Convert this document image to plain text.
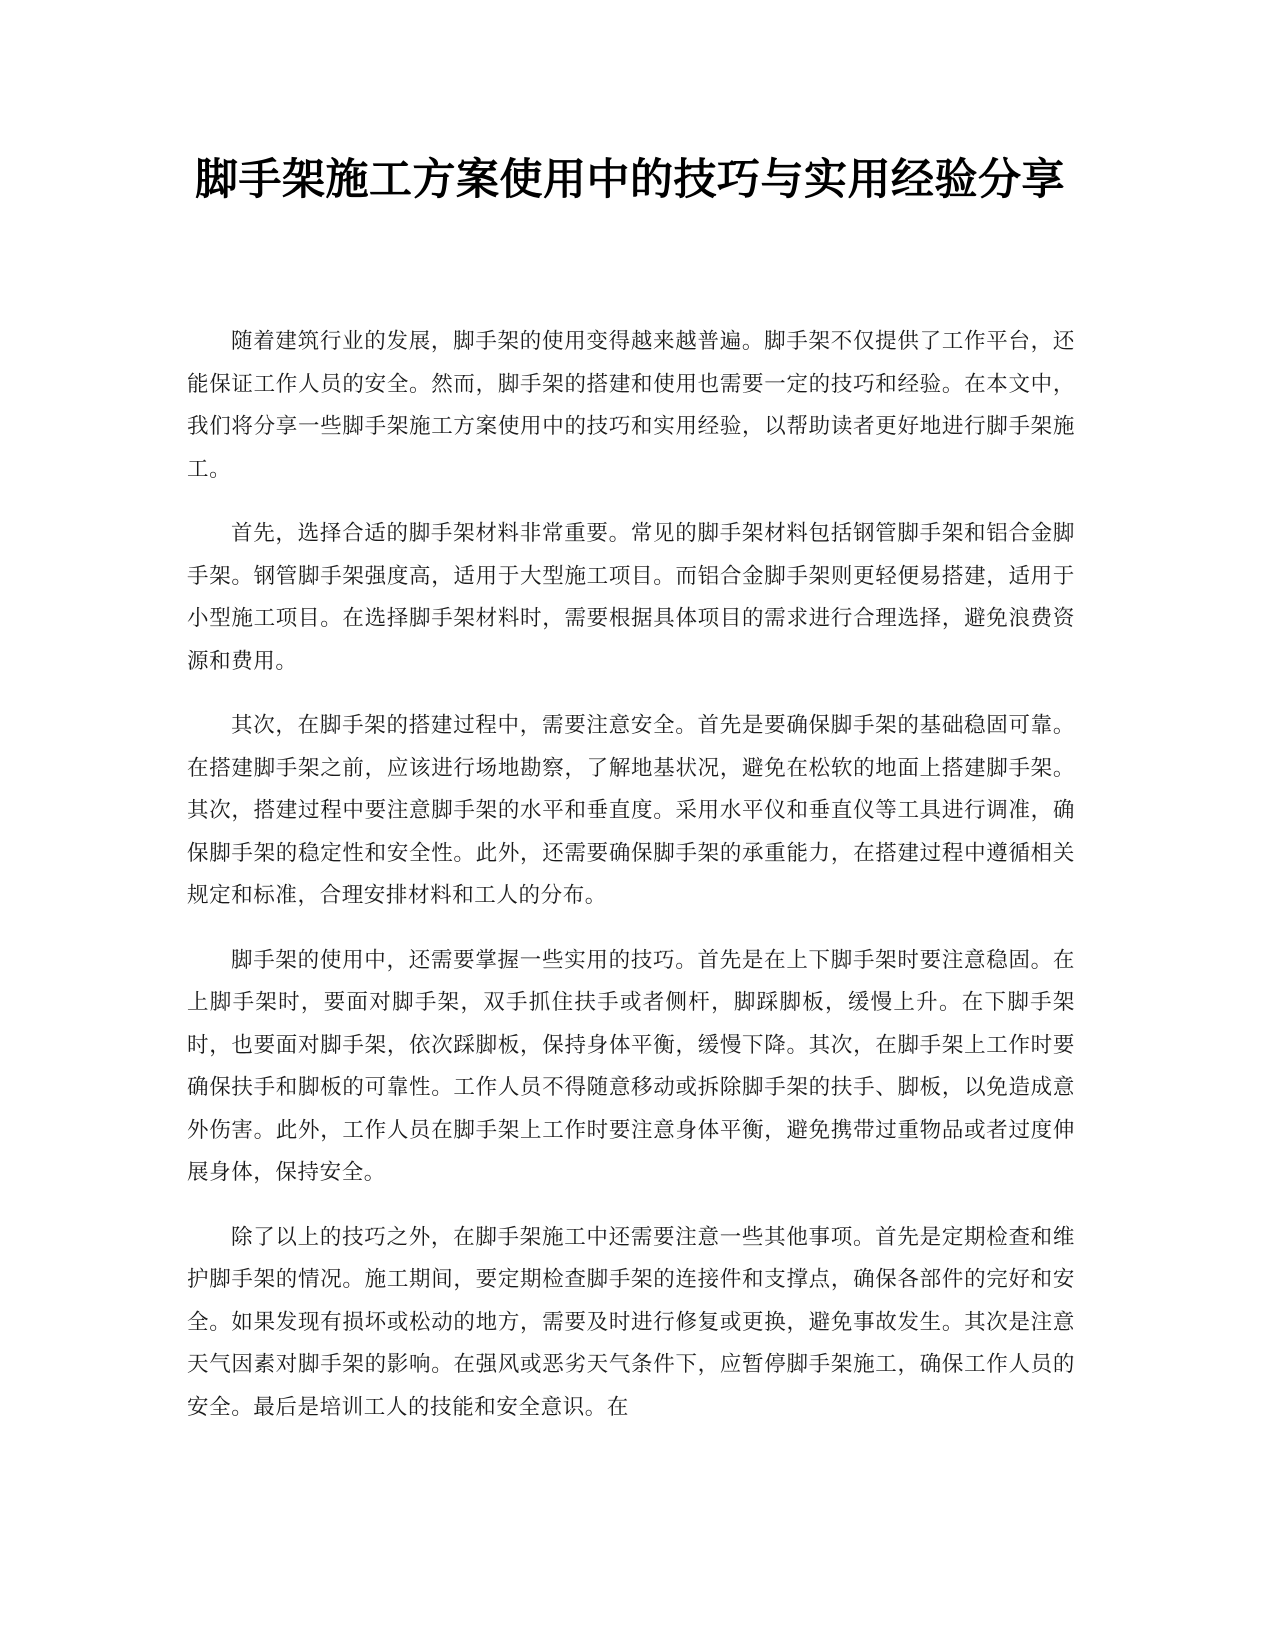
脚手架施工方案使用中的技巧与实用经验分享

随着建筑行业的发展，脚手架的使用变得越来越普遍。脚手架不仅提供了工作平台，还能保证工作人员的安全。然而，脚手架的搭建和使用也需要一定的技巧和经验。在本文中，我们将分享一些脚手架施工方案使用中的技巧和实用经验，以帮助读者更好地进行脚手架施工。

首先，选择合适的脚手架材料非常重要。常见的脚手架材料包括钢管脚手架和铝合金脚手架。钢管脚手架强度高，适用于大型施工项目。而铝合金脚手架则更轻便易搭建，适用于小型施工项目。在选择脚手架材料时，需要根据具体项目的需求进行合理选择，避免浪费资源和费用。

其次，在脚手架的搭建过程中，需要注意安全。首先是要确保脚手架的基础稳固可靠。在搭建脚手架之前，应该进行场地勘察，了解地基状况，避免在松软的地面上搭建脚手架。其次，搭建过程中要注意脚手架的水平和垂直度。采用水平仪和垂直仪等工具进行调准，确保脚手架的稳定性和安全性。此外，还需要确保脚手架的承重能力，在搭建过程中遵循相关规定和标准，合理安排材料和工人的分布。

脚手架的使用中，还需要掌握一些实用的技巧。首先是在上下脚手架时要注意稳固。在上脚手架时，要面对脚手架，双手抓住扶手或者侧杆，脚踩脚板，缓慢上升。在下脚手架时，也要面对脚手架，依次踩脚板，保持身体平衡，缓慢下降。其次，在脚手架上工作时要确保扶手和脚板的可靠性。工作人员不得随意移动或拆除脚手架的扶手、脚板，以免造成意外伤害。此外，工作人员在脚手架上工作时要注意身体平衡，避免携带过重物品或者过度伸展身体，保持安全。

除了以上的技巧之外，在脚手架施工中还需要注意一些其他事项。首先是定期检查和维护脚手架的情况。施工期间，要定期检查脚手架的连接件和支撑点，确保各部件的完好和安全。如果发现有损坏或松动的地方，需要及时进行修复或更换，避免事故发生。其次是注意天气因素对脚手架的影响。在强风或恶劣天气条件下，应暂停脚手架施工，确保工作人员的安全。最后是培训工人的技能和安全意识。在
